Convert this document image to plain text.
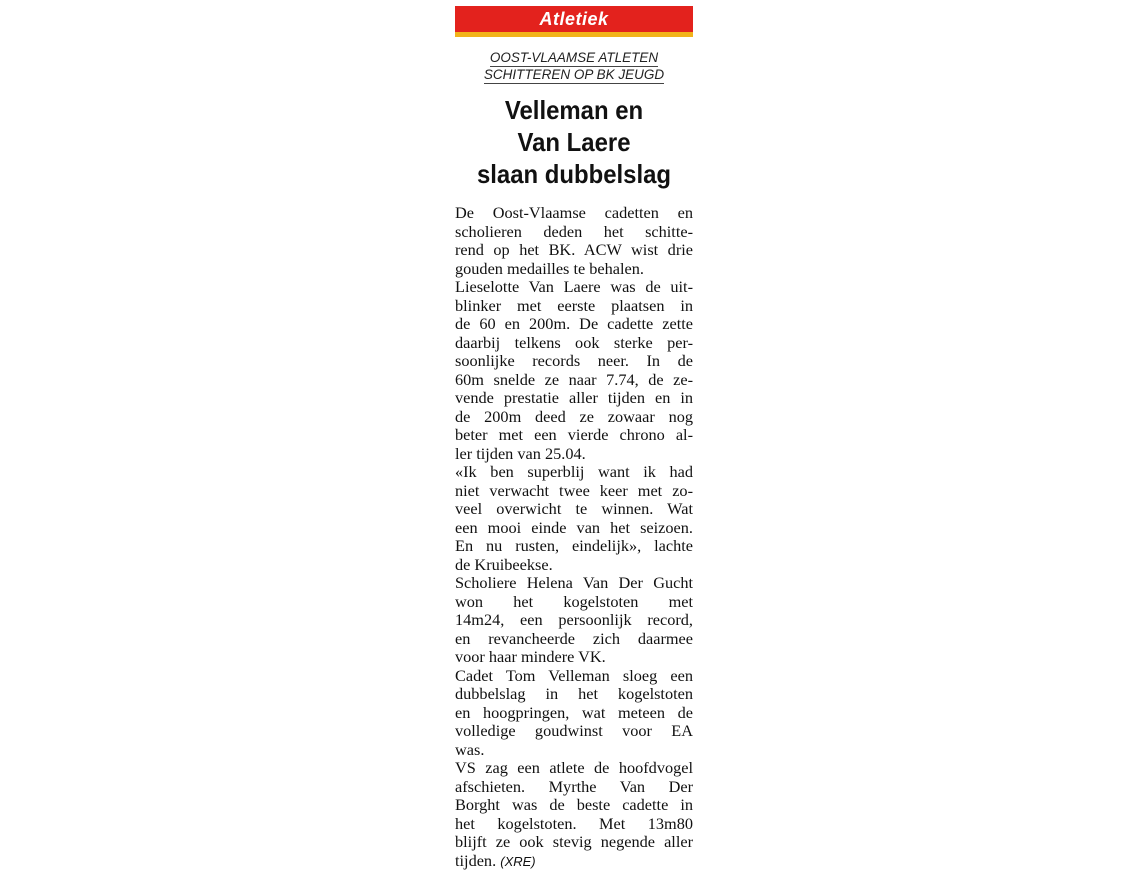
Atletiek
OOST-VLAAMSE ATLETEN
SCHITTEREN OP BK JEUGD
Velleman en
Van Laere
slaan dubbelslag
De Oost-Vlaamse cadetten en
scholieren deden het schitte-
rend op het BK. ACW wist drie
gouden medailles te behalen.
Lieselotte Van Laere was de uit-
blinker met eerste plaatsen in
de 60 en 200m. De cadette zette
daarbij telkens ook sterke per-
soonlijke records neer. In de
60m snelde ze naar 7.74, de ze-
vende prestatie aller tijden en in
de 200m deed ze zowaar nog
beter met een vierde chrono al-
ler tijden van 25.04.
«Ik ben superblij want ik had
niet verwacht twee keer met zo-
veel overwicht te winnen. Wat
een mooi einde van het seizoen.
En nu rusten, eindelijk», lachte
de Kruibeekse.
Scholiere Helena Van Der Gucht
won het kogelstoten met
14m24, een persoonlijk record,
en revancheerde zich daarmee
voor haar mindere VK.
Cadet Tom Velleman sloeg een
dubbelslag in het kogelstoten
en hoogpringen, wat meteen de
volledige goudwinst voor EA
was.
VS zag een atlete de hoofdvogel
afschieten. Myrthe Van Der
Borght was de beste cadette in
het kogelstoten. Met 13m80
blijft ze ook stevig negende aller
tijden. (XRE)
